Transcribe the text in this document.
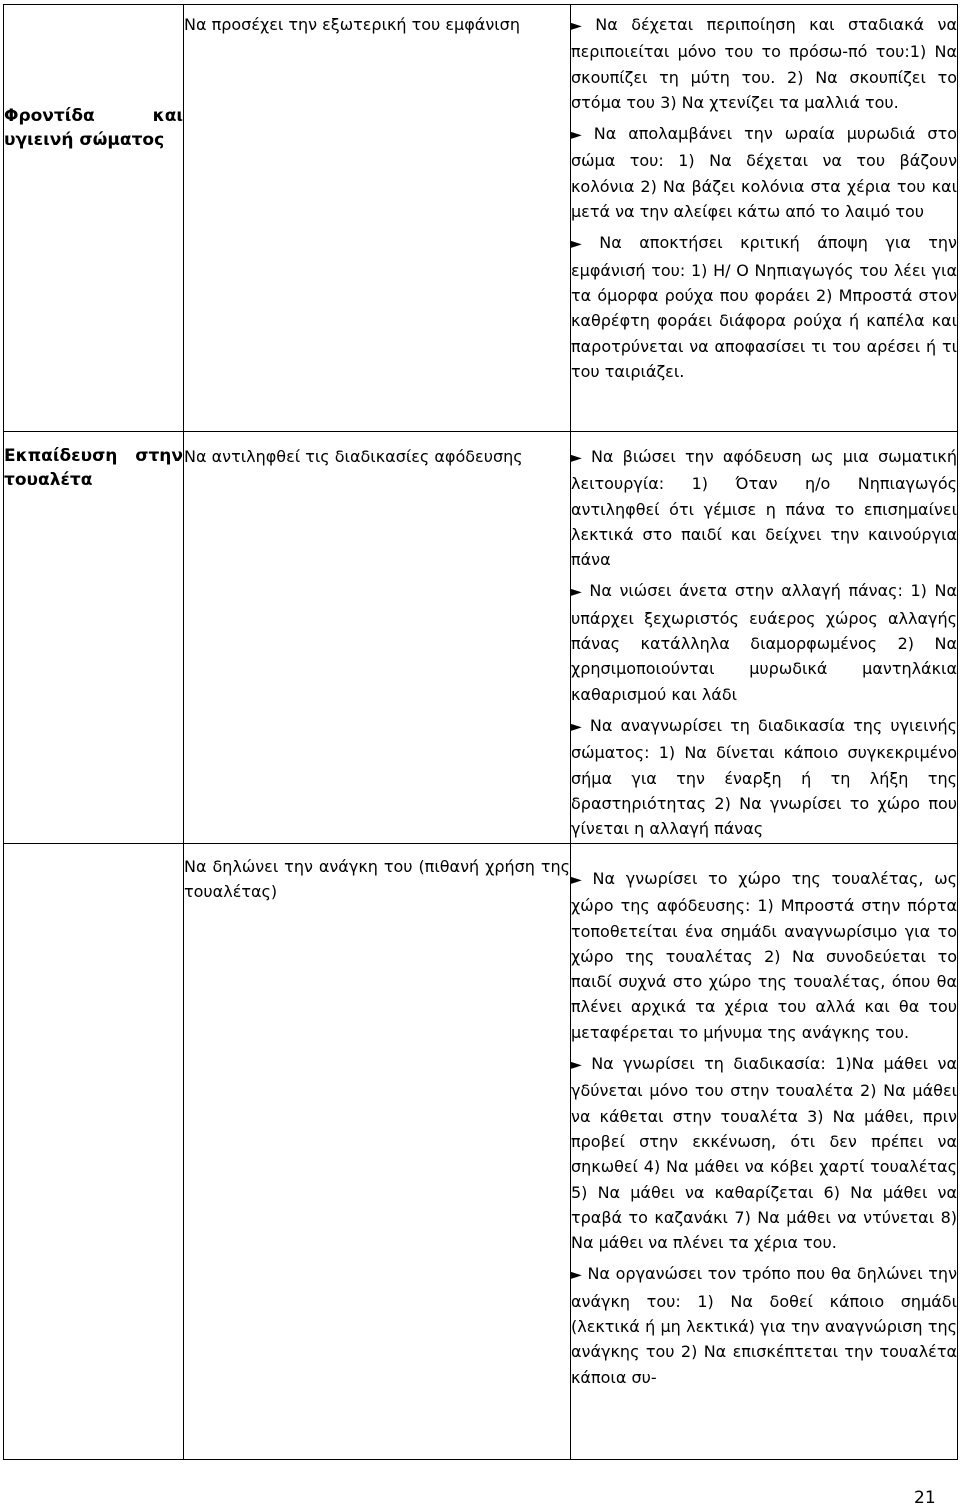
Φροντίδα και υγιεινή σώματος	Να προσέχει την εξωτερική του εμφάνιση	► Να δέχεται περιποίηση και σταδιακά να περιποιείται μόνο του το πρόσω-πό του:1) Να σκουπίζει τη μύτη του. 2) Να σκουπίζει το στόμα του 3) Να χτενίζει τα μαλλιά του.

► Να απολαμβάνει την ωραία μυρωδιά στο σώμα του: 1) Να δέχεται να του βάζουν κολόνια 2) Να βάζει κολόνια στα χέρια του και μετά να την αλείφει κάτω από το λαιμό του

► Να αποκτήσει κριτική άποψη για την εμφάνισή του: 1) Η/ Ο Νηπιαγωγός του λέει για τα όμορφα ρούχα που φοράει 2) Μπροστά στον καθρέφτη φοράει διάφορα ρούχα ή καπέλα και παροτρύνεται να αποφασίσει τι του αρέσει ή τι του ταιριάζει.

Εκπαίδευση στην τουαλέτα	Να αντιληφθεί τις διαδικασίες αφόδευσης	► Να βιώσει την αφόδευση ως μια σωματική λειτουργία: 1) Όταν η/ο Νηπιαγωγός αντιληφθεί ότι γέμισε η πάνα το επισημαίνει λεκτικά στο παιδί και δείχνει την καινούργια πάνα

► Να νιώσει άνετα στην αλλαγή πάνας: 1) Να υπάρχει ξεχωριστός ευάερος χώρος αλλαγής πάνας κατάλληλα διαμορφωμένος 2) Να χρησιμοποιούνται μυρωδικά μαντηλάκια καθαρισμού και λάδι

► Να αναγνωρίσει τη διαδικασία της υγιεινής σώματος: 1) Να δίνεται κάποιο συγκεκριμένο σήμα για την έναρξη ή τη λήξη της δραστηριότητας 2) Να γνωρίσει το χώρο που γίνεται η αλλαγή πάνας

	Να δηλώνει την ανάγκη του (πιθανή χρήση της τουαλέτας)	► Να γνωρίσει το χώρο της τουαλέτας, ως χώρο της αφόδευσης: 1) Μπροστά στην πόρτα τοποθετείται ένα σημάδι αναγνωρίσιμο για το χώρο της τουαλέτας 2) Να συνοδεύεται το παιδί συχνά στο χώρο της τουαλέτας, όπου θα πλένει αρχικά τα χέρια του αλλά και θα του μεταφέρεται το μήνυμα της ανάγκης του.

► Να γνωρίσει τη διαδικασία: 1)Να μάθει να γδύνεται μόνο του στην τουαλέτα 2) Να μάθει να κάθεται στην τουαλέτα 3) Να μάθει, πριν προβεί στην εκκένωση, ότι δεν πρέπει να σηκωθεί 4) Να μάθει να κόβει χαρτί τουαλέτας 5) Να μάθει να καθαρίζεται 6) Να μάθει να τραβά το καζανάκι 7) Να μάθει να ντύνεται 8) Να μάθει να πλένει τα χέρια του.

► Να οργανώσει τον τρόπο που θα δηλώνει την ανάγκη του: 1) Να δοθεί κάποιο σημάδι (λεκτικά ή μη λεκτικά) για την αναγνώριση της ανάγκης του 2) Να επισκέπτεται την τουαλέτα κάποια συ-

21
